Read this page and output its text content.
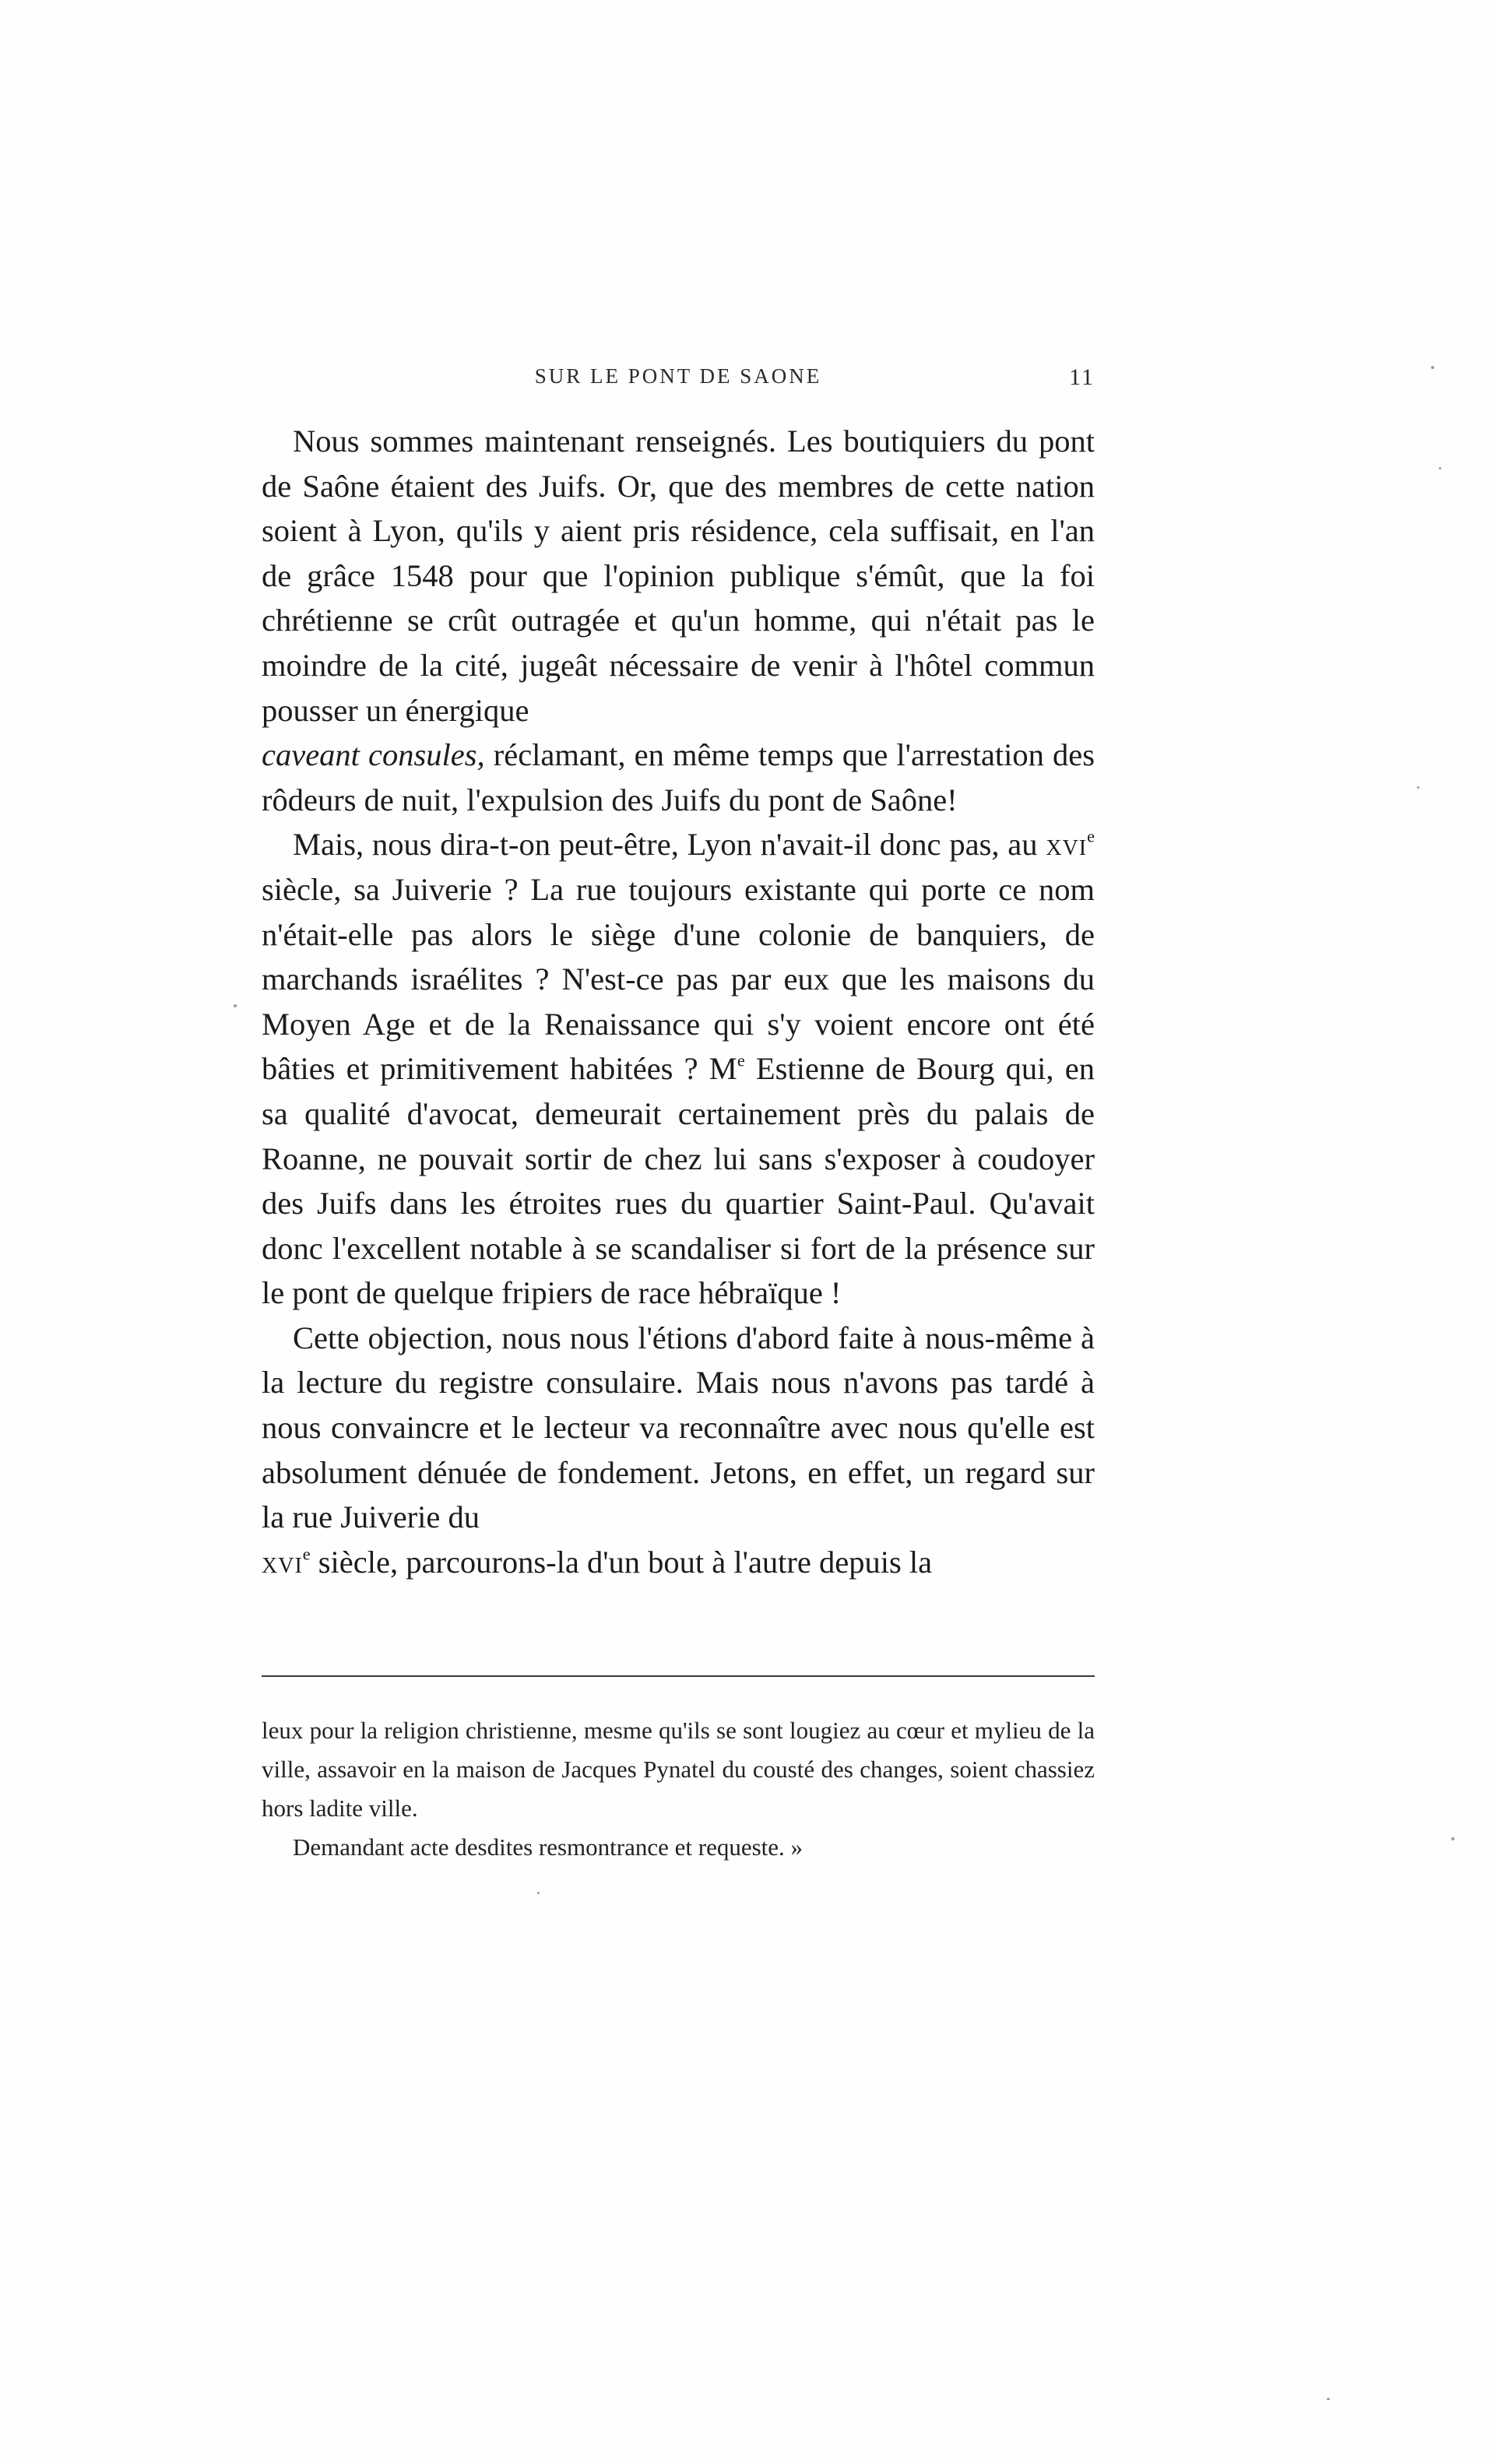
SUR LE PONT DE SAONE	11

Nous sommes maintenant renseignés. Les boutiquiers du pont de Saône étaient des Juifs. Or, que des membres de cette nation soient à Lyon, qu'ils y aient pris résidence, cela suffisait, en l'an de grâce 1548 pour que l'opinion publique s'émût, que la foi chrétienne se crût outragée et qu'un homme, qui n'était pas le moindre de la cité, jugeât nécessaire de venir à l'hôtel commun pousser un énergique
caveant consules, réclamant, en même temps que l'arrestation des rôdeurs de nuit, l'expulsion des Juifs du pont de Saône!

Mais, nous dira-t-on peut-être, Lyon n'avait-il donc pas, au xvi$^e$ siècle, sa Juiverie ? La rue toujours existante qui porte ce nom n'était-elle pas alors le siège d'une colonie de banquiers, de marchands israélites ? N'est-ce pas par eux que les maisons du Moyen Age et de la Renaissance qui s'y voient encore ont été bâties et primitivement habitées ? Me Estienne de Bourg qui, en sa qualité d'avocat, demeurait certainement près du palais de Roanne, ne pouvait sortir de chez lui sans s'exposer à coudoyer des Juifs dans les étroites rues du quartier Saint-Paul. Qu'avait donc l'excellent notable à se scandaliser si fort de la présence sur le pont de quelque fripiers de race hébraïque !

Cette objection, nous nous l'étions d'abord faite à nous-même à la lecture du registre consulaire. Mais nous n'avons pas tardé à nous convaincre et le lecteur va reconnaître avec nous qu'elle est absolument dénuée de fondement. Jetons, en effet, un regard sur la rue Juiverie du
xvi$^e$ siècle, parcourons-la d'un bout à l'autre depuis la

leux pour la religion christienne, mesme qu'ils se sont lougiez au cœur et mylieu de la ville, assavoir en la maison de Jacques Pynatel du cousté des changes, soient chassiez hors ladite ville.

Demandant acte desdites resmontrance et requeste. »
